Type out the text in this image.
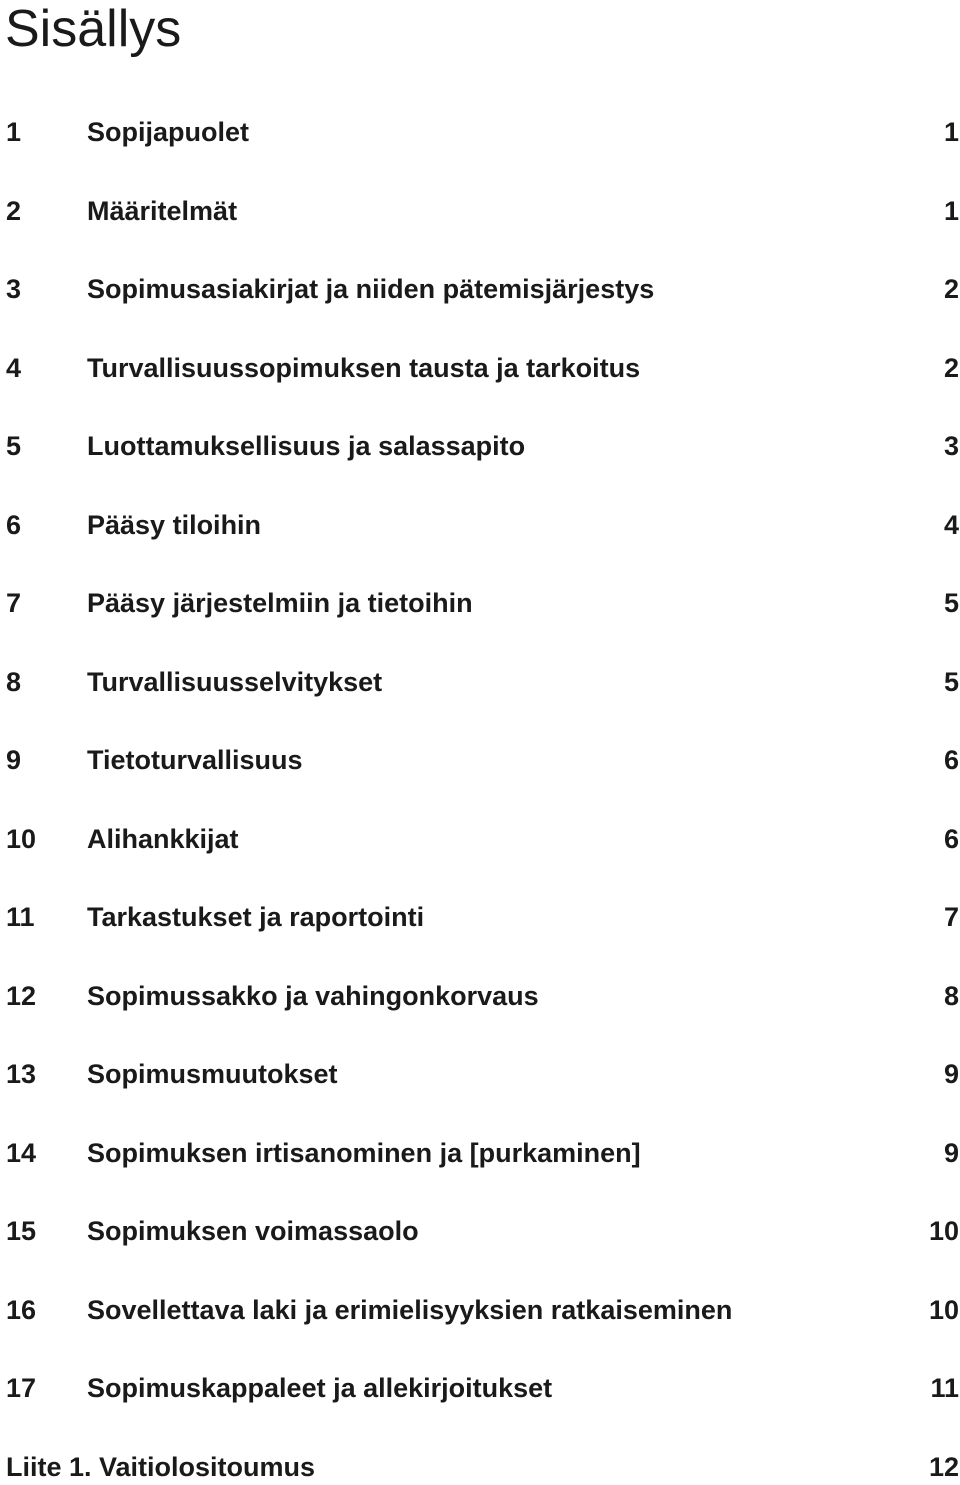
Sisällys
1 Sopijapuolet	1
2 Määritelmät	1
3 Sopimusasiakirjat ja niiden pätemisjärjestys	2
4 Turvallisuussopimuksen tausta ja tarkoitus	2
5 Luottamuksellisuus ja salassapito	3
6 Pääsy tiloihin	4
7 Pääsy järjestelmiin ja tietoihin	5
8 Turvallisuusselvitykset	5
9 Tietoturvallisuus	6
10 Alihankkijat	6
11 Tarkastukset ja raportointi	7
12 Sopimussakko ja vahingonkorvaus	8
13 Sopimusmuutokset	9
14 Sopimuksen irtisanominen ja [purkaminen]	9
15 Sopimuksen voimassaolo	10
16 Sovellettava laki ja erimielisyyksien ratkaiseminen	10
17 Sopimuskappaleet ja allekirjoitukset	11
Liite 1. Vaitiolositoumus	12
